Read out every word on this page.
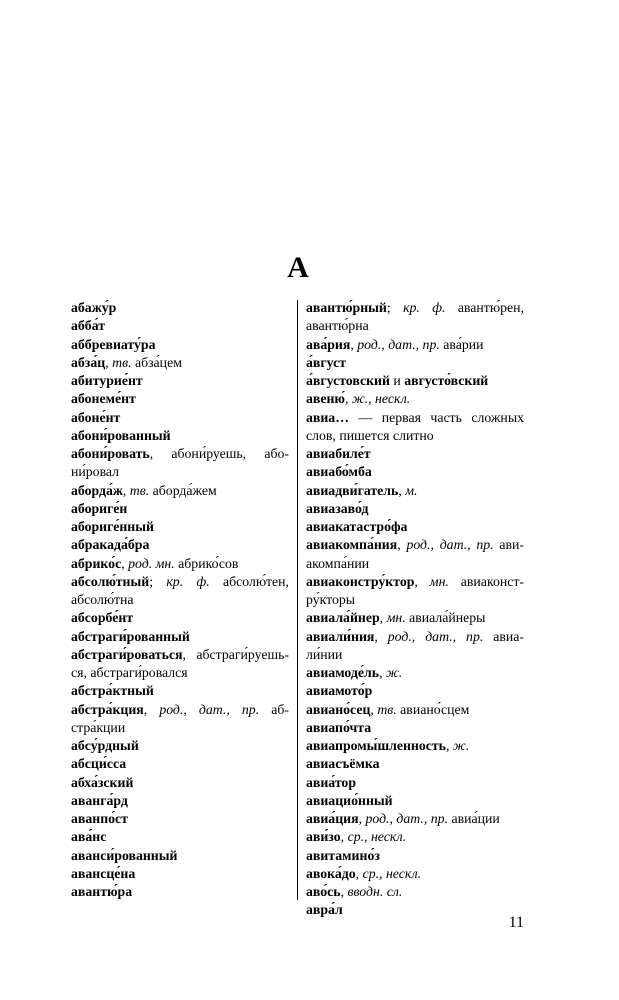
А
абажу́р
абба́т
аббревиату́ра
абза́ц, тв. абза́цем
абитурие́нт
абонеме́нт
абоне́нт
абони́рованный
абони́ровать, абони́руешь, абони́ровал
аборда́ж, тв. аборда́жем
абориге́н
абориге́нный
абракада́бра
абрико́с, род. мн. абрико́сов
абсолю́тный; кр. ф. абсолю́тен, абсолю́тна
абсорбе́нт
абстраги́рованный
абстраги́роваться, абстраги́руешься, абстраги́ровался
абстра́ктный
абстра́кция, род., дат., пр. абстра́кции
абсу́рдный
абсци́сса
абха́зский
аванга́рд
аванпо́ст
ава́нс
аванси́рованный
авансце́на
авантю́ра
авантю́рный; кр. ф. авантю́рен, авантю́рна
ава́рия, род., дат., пр. ава́рии
а́вгуст
а́вгустовский и августо́вский
авеню́, ж., нескл.
авиа… — первая часть сложных слов, пишется слитно
авиабиле́т
авиабо́мба
авиадви́гатель, м.
авиазаво́д
авиакатастро́фа
авиакомпа́ния, род., дат., пр. авиакомпа́нии
авиаконстру́ктор, мн. авиаконстру́кторы
авиала́йнер, мн. авиала́йнеры
авиали́ния, род., дат., пр. авиали́нии
авиамоде́ль, ж.
авиамото́р
авиано́сец, тв. авиано́сцем
авиапо́чта
авиапромы́шленность, ж.
авиасъёмка
авиа́тор
авиацио́нный
авиа́ция, род., дат., пр. авиа́ции
ави́зо, ср., нескл.
авитамино́з
авока́до, ср., нескл.
аво́сь, вводн. сл.
авра́л
11
